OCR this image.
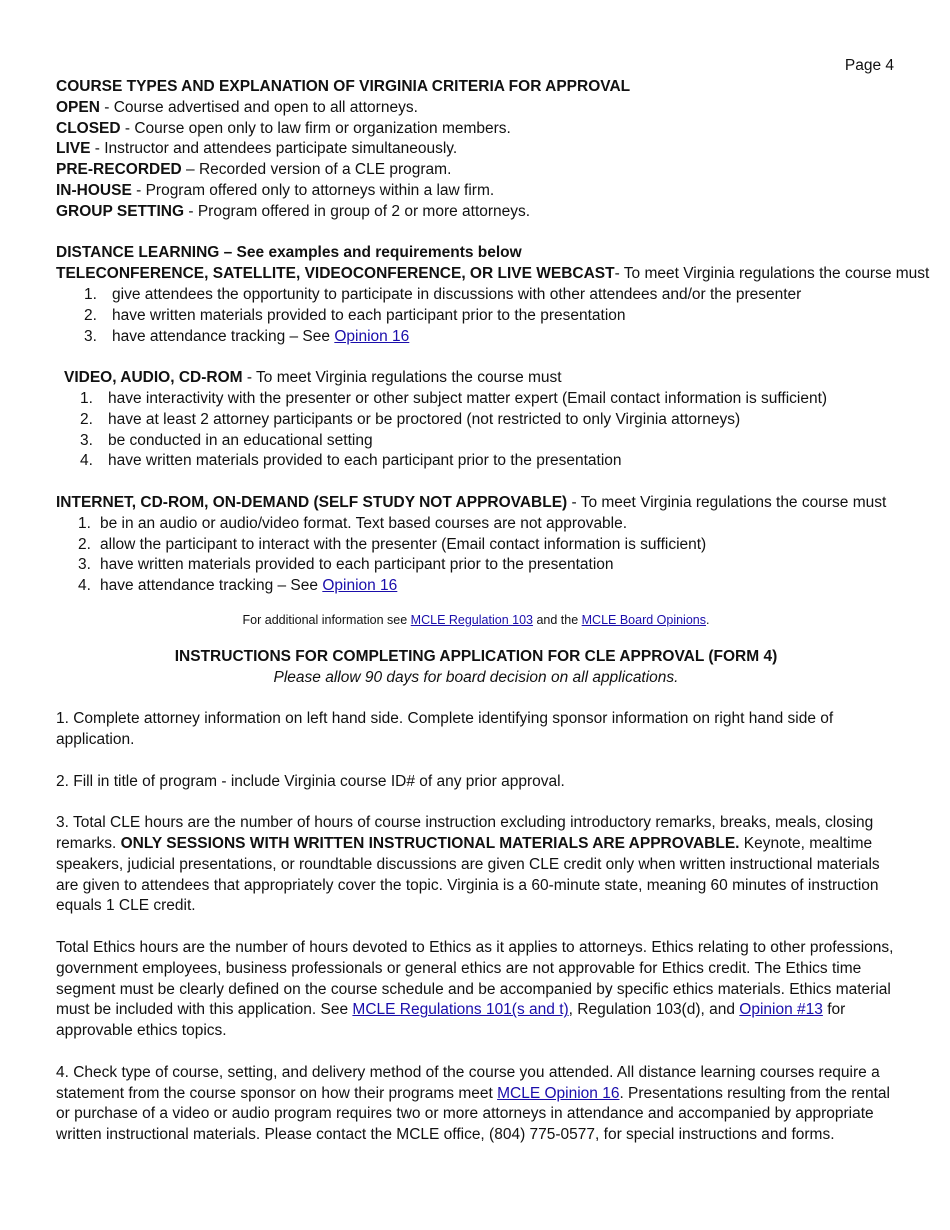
Page 4

COURSE TYPES AND EXPLANATION OF VIRGINIA CRITERIA FOR APPROVAL

OPEN - Course advertised and open to all attorneys.

CLOSED - Course open only to law firm or organization members.

LIVE - Instructor and attendees participate simultaneously.

PRE-RECORDED – Recorded version of a CLE program.

IN-HOUSE - Program offered only to attorneys within a law firm.

GROUP SETTING - Program offered in group of 2 or more attorneys.

DISTANCE LEARNING – See examples and requirements below

TELECONFERENCE, SATELLITE, VIDEOCONFERENCE, OR LIVE WEBCAST- To meet Virginia regulations the course must

1. give attendees the opportunity to participate in discussions with other attendees and/or the presenter
2. have written materials provided to each participant prior to the presentation
3. have attendance tracking – See Opinion 16

VIDEO, AUDIO, CD-ROM - To meet Virginia regulations the course must

1. have interactivity with the presenter or other subject matter expert (Email contact information is sufficient)
2. have at least 2 attorney participants or be proctored (not restricted to only Virginia attorneys)
3. be conducted in an educational setting
4. have written materials provided to each participant prior to the presentation

INTERNET, CD-ROM, ON-DEMAND (SELF STUDY NOT APPROVABLE) - To meet Virginia regulations the course must

1. be in an audio or audio/video format. Text based courses are not approvable.
2. allow the participant to interact with the presenter (Email contact information is sufficient)
3. have written materials provided to each participant prior to the presentation
4. have attendance tracking – See Opinion 16

For additional information see MCLE Regulation 103 and the MCLE Board Opinions.

INSTRUCTIONS FOR COMPLETING APPLICATION FOR CLE APPROVAL (FORM 4)

Please allow 90 days for board decision on all applications.

1. Complete attorney information on left hand side. Complete identifying sponsor information on right hand side of application.

2. Fill in title of program - include Virginia course ID# of any prior approval.

3. Total CLE hours are the number of hours of course instruction excluding introductory remarks, breaks, meals, closing remarks. ONLY SESSIONS WITH WRITTEN INSTRUCTIONAL MATERIALS ARE APPROVABLE. Keynote, mealtime speakers, judicial presentations, or roundtable discussions are given CLE credit only when written instructional materials are given to attendees that appropriately cover the topic. Virginia is a 60-minute state, meaning 60 minutes of instruction equals 1 CLE credit.

Total Ethics hours are the number of hours devoted to Ethics as it applies to attorneys. Ethics relating to other professions, government employees, business professionals or general ethics are not approvable for Ethics credit. The Ethics time segment must be clearly defined on the course schedule and be accompanied by specific ethics materials. Ethics material must be included with this application. See MCLE Regulations 101(s and t), Regulation 103(d), and Opinion #13 for approvable ethics topics.

4. Check type of course, setting, and delivery method of the course you attended. All distance learning courses require a statement from the course sponsor on how their programs meet MCLE Opinion 16. Presentations resulting from the rental or purchase of a video or audio program requires two or more attorneys in attendance and accompanied by appropriate written instructional materials. Please contact the MCLE office, (804) 775-0577, for special instructions and forms.
